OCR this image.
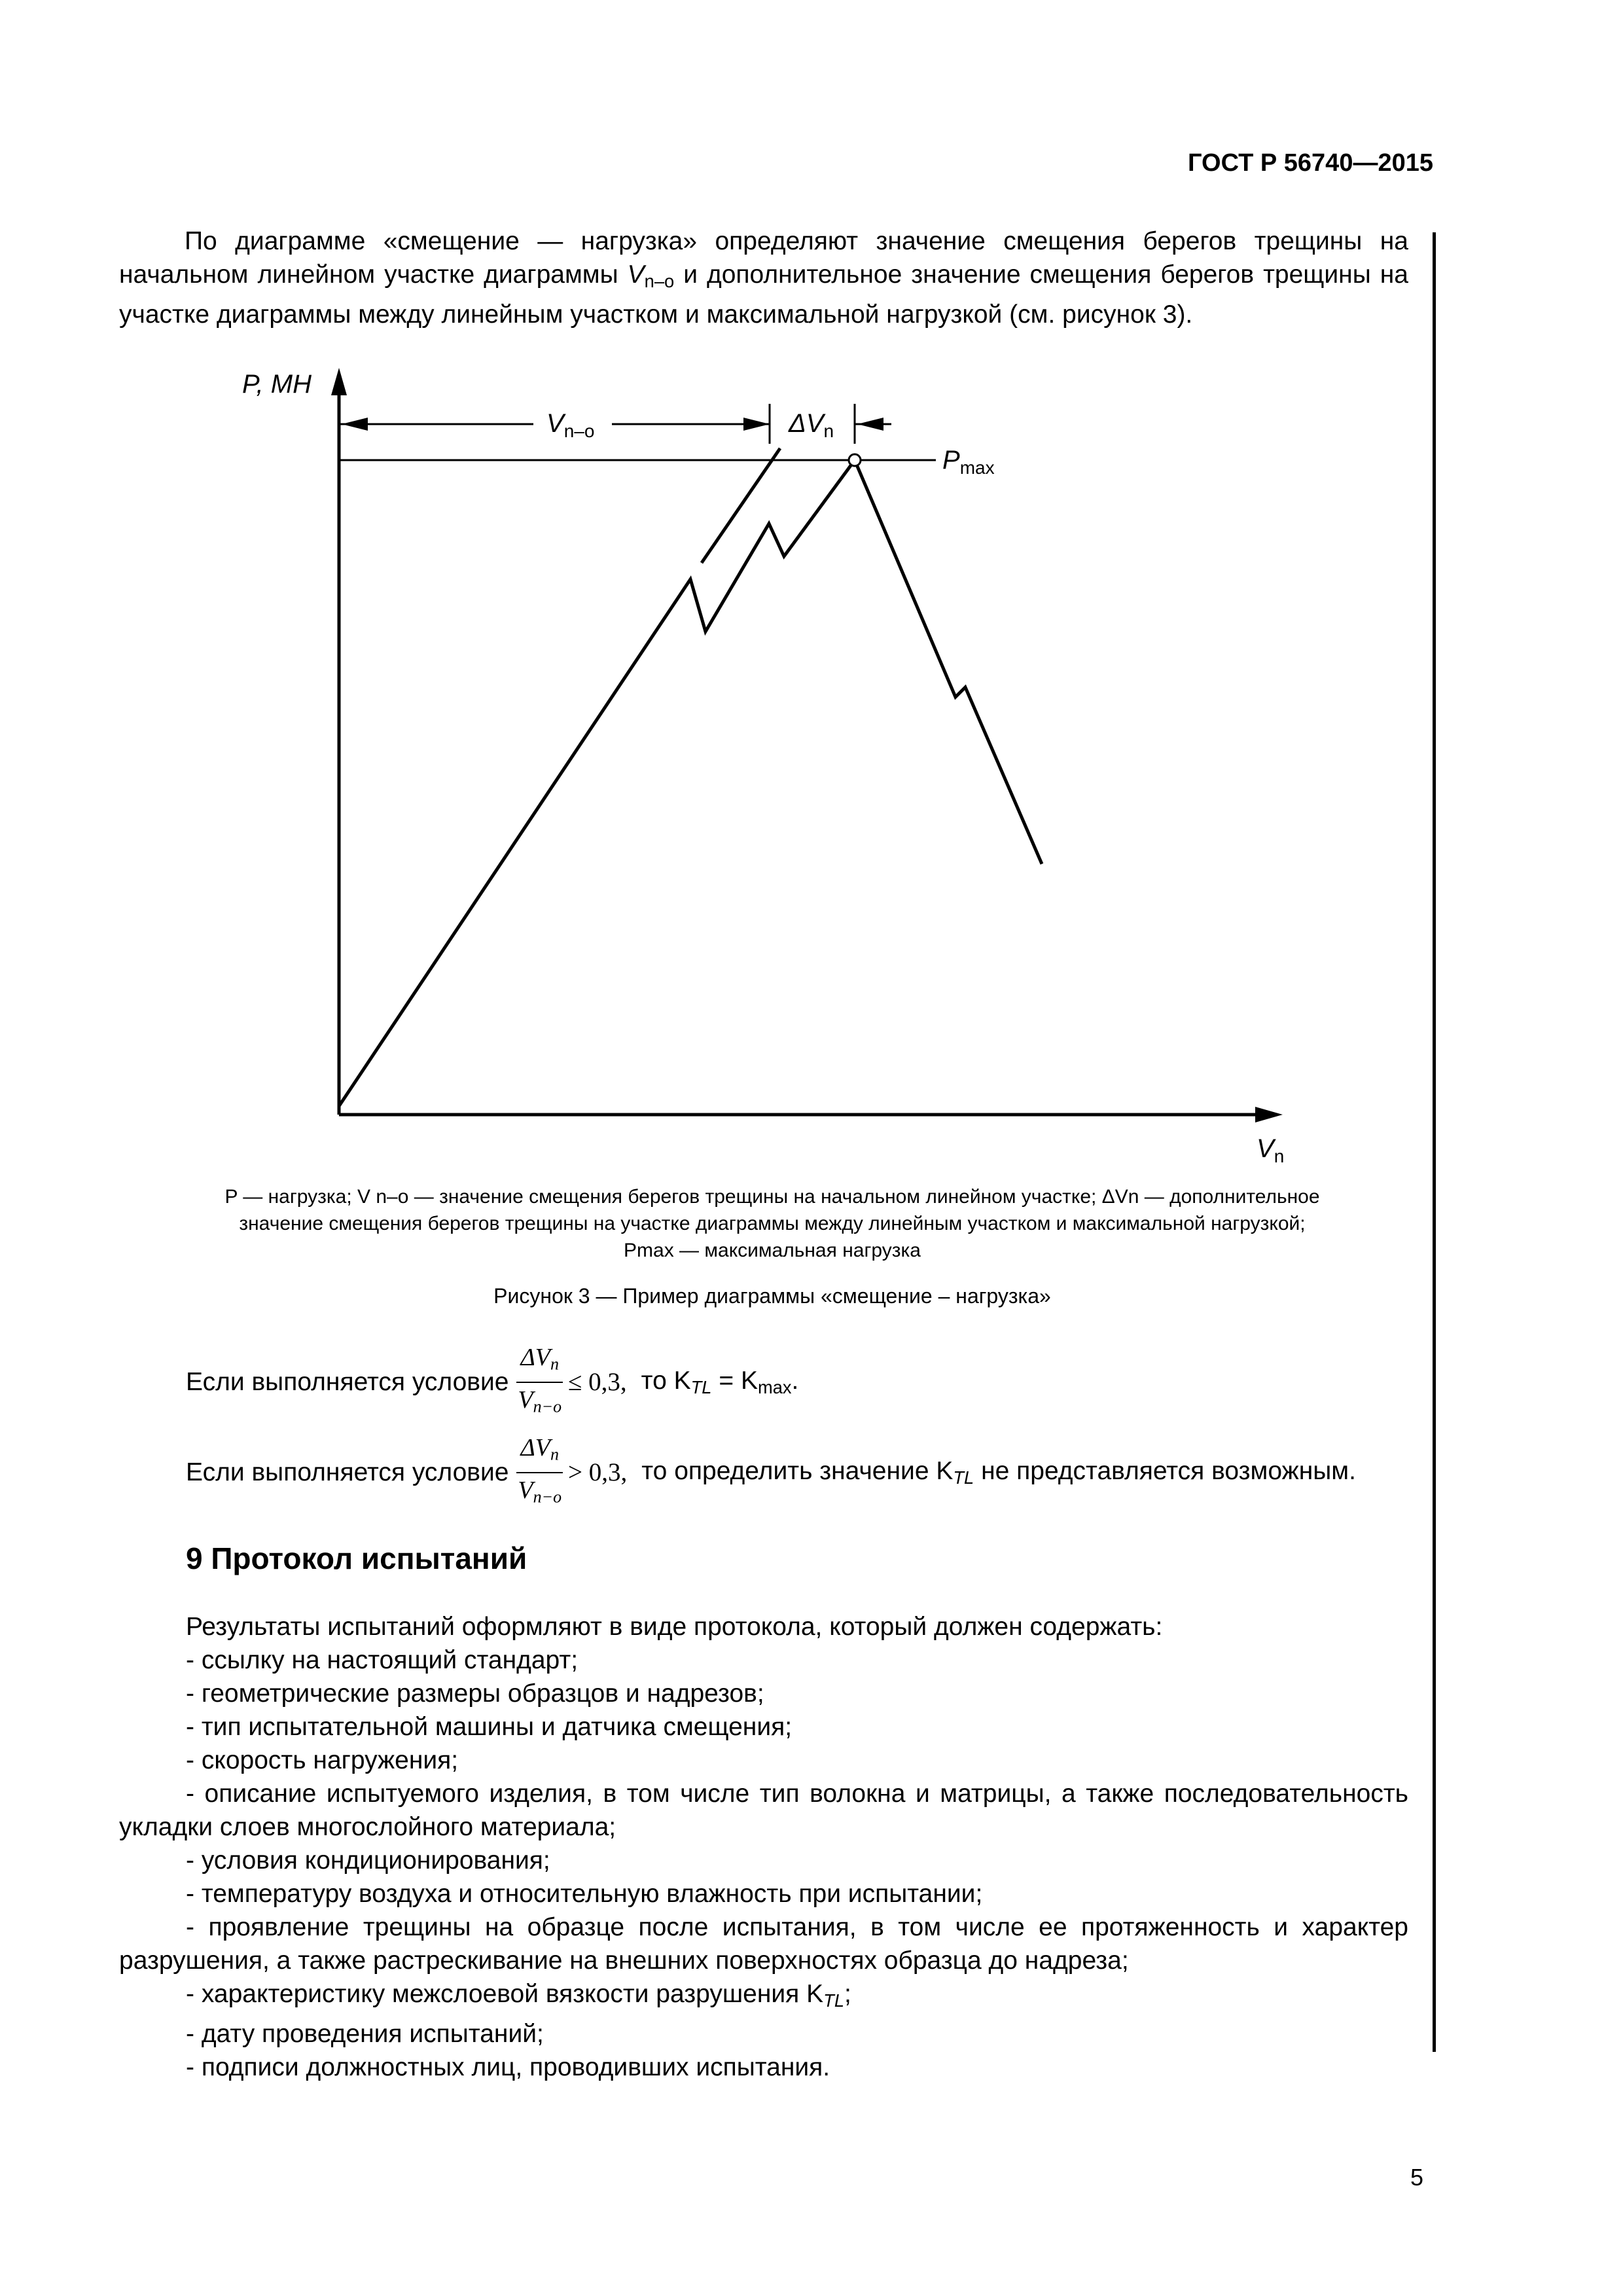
ГОСТ Р 56740—2015

По диаграмме «смещение — нагрузка» определяют значение смещения берегов трещины на начальном линейном участке диаграммы $V_{n-o}$ и дополнительное значение смещения берегов трещины на участке диаграммы между линейным участком и максимальной нагрузкой (см. рисунок 3).

P, МН
$V_{n-o}$	$\Delta V_n$
$P_{max}$
$V_n$
P — нагрузка; V n–o — значение смещения берегов трещины на начальном линейном участке; ΔVn — дополнительное
значение смещения берегов трещины на участке диаграммы между линейным участком и максимальной нагрузкой;
Pmax — максимальная нагрузка
Рисунок 3 — Пример диаграммы «смещение – нагрузка»
Если выполняется условие $\frac{\Delta V_n}{V_{n-o}} \le 0,3$, то $K_{TL} = K_{max}$.
Если выполняется условие $\frac{\Delta V_n}{V_{n-o}} > 0,3$, то определить значение $K_{TL}$ не представляется возможным.
9 Протокол испытаний
Результаты испытаний оформляют в виде протокола, который должен содержать:
- ссылку на настоящий стандарт;
- геометрические размеры образцов и надрезов;
- тип испытательной машины и датчика смещения;
- скорость нагружения;
- описание испытуемого изделия, в том числе тип волокна и матрицы, а также последовательность укладки слоев многослойного материала;
- условия кондиционирования;
- температуру воздуха и относительную влажность при испытании;
- проявление трещины на образце после испытания, в том числе ее протяженность и характер разрушения, а также растрескивание на внешних поверхностях образца до надреза;
- характеристику межслоевой вязкости разрушения $K_{TL}$;
- дату проведения испытаний;
- подписи должностных лиц, проводивших испытания.
5
